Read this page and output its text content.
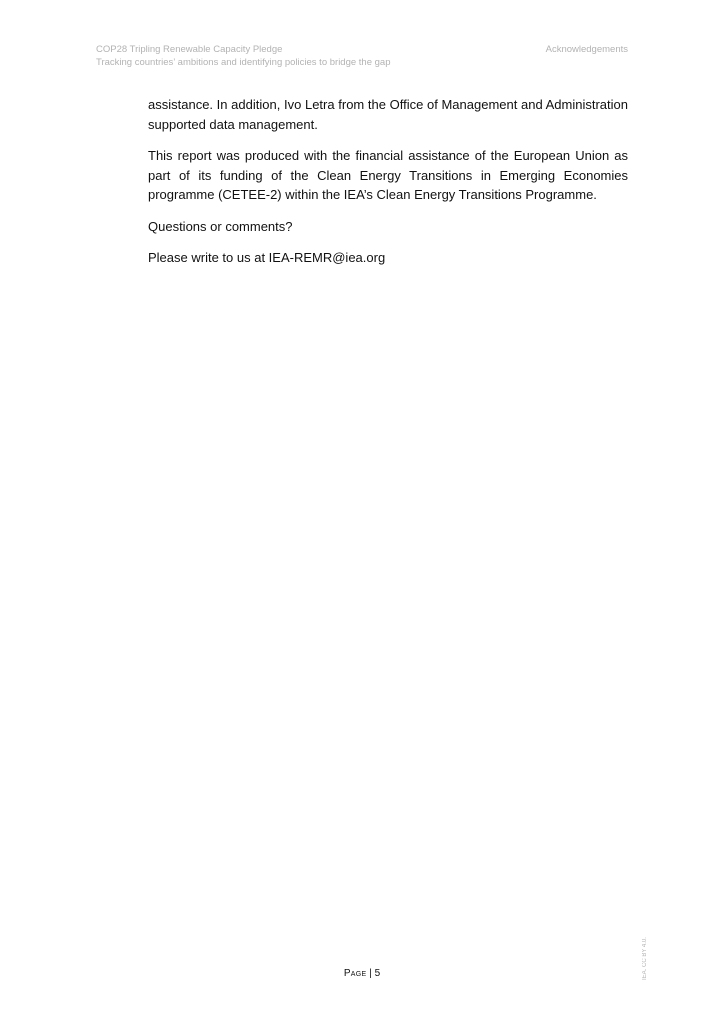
COP28 Tripling Renewable Capacity Pledge
Tracking countries’ ambitions and identifying policies to bridge the gap
Acknowledgements

assistance. In addition, Ivo Letra from the Office of Management and Administration supported data management.

This report was produced with the financial assistance of the European Union as part of its funding of the Clean Energy Transitions in Emerging Economies programme (CETEE-2) within the IEA’s Clean Energy Transitions Programme.

Questions or comments?

Please write to us at IEA-REMR@iea.org

IEA. CC BY 4.0.
Page | 5
